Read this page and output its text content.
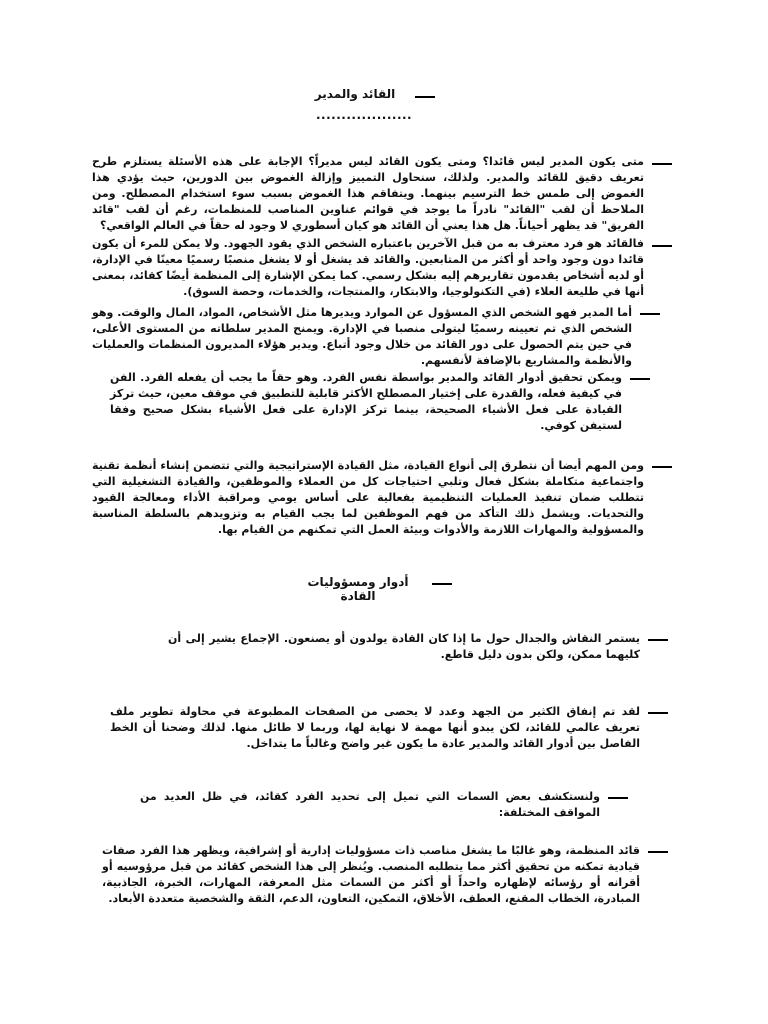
القائد والمدير
...................
متى يكون المدير ليس قائدا؟ ومتى يكون القائد ليس مديراً؟ الإجابة على هذه الأسئلة يستلزم طرح تعريف دقيق للقائد والمدير. ولذلك، سنحاول التمييز وإزالة الغموض بين الدورين، حيث يؤدي هذا الغموض إلى طمس خط الترسيم بينهما. ويتفاقم هذا الغموض بسبب سوء استخدام المصطلح. ومن الملاحظ أن لقب "القائد" نادراً ما يوجد في قوائم عناوين المناصب للمنظمات، رغم أن لقب "قائد الفريق" قد يظهر أحياناً. هل هذا يعني أن القائد هو كيان أسطوري لا وجود له حقاً في العالم الواقعي؟
فالقائد هو فرد معترف به من قبل الآخرين باعتباره الشخص الذي يقود الجهود. ولا يمكن للمرء أن يكون قائدا دون وجود واحد أو أكثر من المتابعين. والقائد قد يشغل أو لا يشغل منصبًا رسميًا معينًا في الإدارة، أو لديه أشخاص يقدمون تقاريرهم إليه بشكل رسمي. كما يمكن الإشارة إلى المنظمة أيضًا كقائد، بمعنى أنها في طليعة العلاء (في التكنولوجيا، والابتكار، والمنتجات، والخدمات، وحصة السوق).
أما المدير فهو الشخص الذي المسؤول عن الموارد ويديرها مثل الأشخاص، المواد، المال والوقت. وهو الشخص الذي تم تعيينه رسميًا ليتولى منصبا في الإدارة. ويمنح المدير سلطاته من المستوى الأعلى، في حين يتم الحصول على دور القائد من خلال وجود أتباع. ويدير هؤلاء المديرون المنظمات والعمليات والأنظمة والمشاريع بالإضافة لأنفسهم.
ويمكن تحقيق أدوار القائد والمدير بواسطة نفس الفرد. وهو حقاً ما يجب أن يفعله الفرد. الفن في كيفية فعله، والقدرة على إختيار المصطلح الأكثر قابلية للتطبيق في موقف معين، حيث تركز القيادة على فعل الأشياء الصحيحة، بينما تركز الإدارة على فعل الأشياء بشكل صحيح وفقا لستيفن كوفي.
ومن المهم أيضا أن نتطرق إلى أنواع القيادة، مثل القيادة الإستراتيجية والتي تتضمن إنشاء أنظمة تقنية واجتماعية متكاملة بشكل فعال وتلبي احتياجات كل من العملاء والموظفين، والقيادة التشغيلية التي تتطلب ضمان تنفيذ العمليات التنظيمية بفعالية على أساس يومي ومراقبة الأداء ومعالجة القيود والتحديات. ويشمل ذلك التأكد من فهم الموظفين لما يجب القيام به وتزويدهم بالسلطة المناسبة والمسؤولية والمهارات اللازمة والأدوات وبيئة العمل التي تمكنهم من القيام بها.
أدوار ومسؤوليات القادة
يستمر النقاش والجدال حول ما إذا كان القادة يولدون أو يصنعون. الإجماع يشير إلى أن كليهما ممكن، ولكن بدون دليل قاطع.
لقد تم إنفاق الكثير من الجهد وعدد لا يحصى من الصفحات المطبوعة في محاولة تطوير ملف تعريف عالمي للقائد، لكن يبدو أنها مهمة لا نهاية لها، وربما لا طائل منها. لذلك وضحنا أن الخط الفاصل بين أدوار القائد والمدير عادة ما يكون غير واضح وغالباً ما يتداخل.
ولنستكشف بعض السمات التي تميل إلى تحديد الفرد كقائد، في ظل العديد من المواقف المختلفة:
قائد المنظمة، وهو غالبًا ما يشغل مناصب ذات مسؤوليات إدارية أو إشرافية، ويظهر هذا الفرد صفات قيادية تمكنه من تحقيق أكثر مما يتطلبه المنصب. ويُنظر إلى هذا الشخص كقائد من قبل مرؤوسيه أو أقرانه أو رؤسائه لإظهاره واحداً أو أكثر من السمات مثل المعرفة، المهارات، الخبرة، الجاذبية، المبادرة، الخطاب المقنع، العطف، الأخلاق، التمكين، التعاون، الدعم، الثقة والشخصية متعددة الأبعاد.
